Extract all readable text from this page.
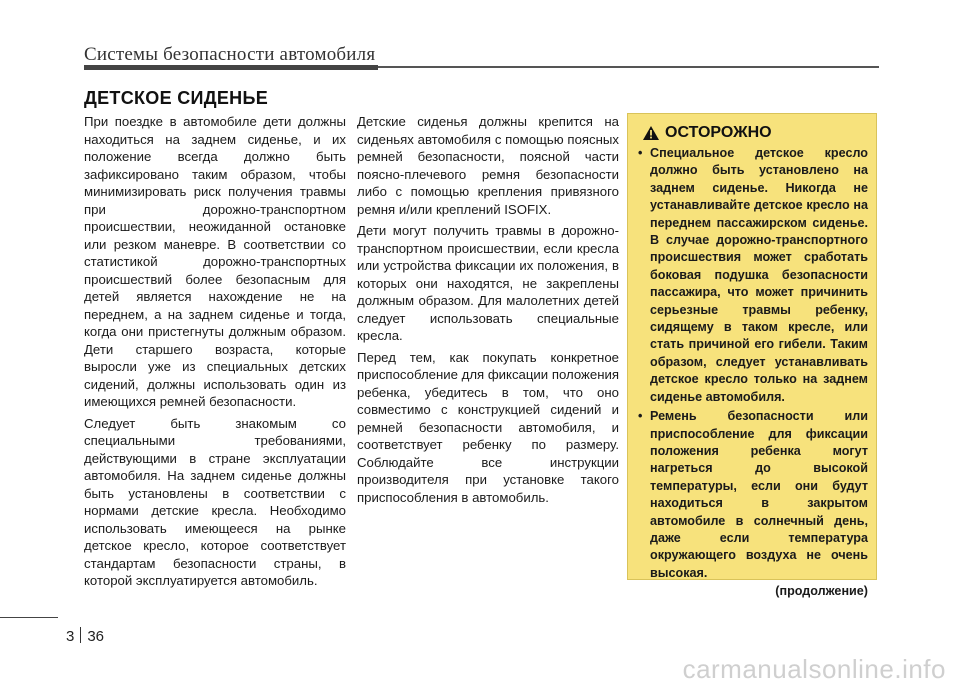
Системы безопасности автомобиля
ДЕТСКОЕ СИДЕНЬЕ

При поездке в автомобиле дети должны находиться на заднем сиденье, и их положение всегда должно быть зафиксировано таким образом, чтобы минимизировать риск получения травмы при дорожно-транспортном происшествии, неожиданной остановке или резком маневре. В соответствии со статистикой дорожно-транспортных происшествий более безопасным для детей является нахождение не на переднем, а на заднем сиденье и тогда, когда они пристегнуты должным образом. Дети старшего возраста, которые выросли уже из специальных детских сидений, должны использовать один из имеющихся ремней безопасности.

Следует быть знакомым со специальными требованиями, действующими в стране эксплуатации автомобиля. На заднем сиденье должны быть установлены в соответствии с нормами детские кресла. Необходимо использовать имеющееся на рынке детское кресло, которое соответствует стандартам безопасности страны, в которой эксплуатируется автомобиль.

Детские сиденья должны крепится на сиденьях автомобиля с помощью поясных ремней безопасности, поясной части поясно-плечевого ремня безопасности либо с помощью крепления привязного ремня и/или креплений ISOFIX.

Дети могут получить травмы в дорожно-транспортном происшествии, если кресла или устройства фиксации их положения, в которых они находятся, не закреплены должным образом. Для малолетних детей следует использовать специальные кресла.

Перед тем, как покупать конкретное приспособление для фиксации положения ребенка, убедитесь в том, что оно совместимо с конструкцией сидений и ремней безопасности автомобиля, и соответствует ребенку по размеру. Соблюдайте все инструкции производителя при установке такого приспособления в автомобиль.

ОСТОРОЖНО
• Специальное детское кресло должно быть установлено на заднем сиденье. Никогда не устанавливайте детское кресло на переднем пассажирском сиденье. В случае дорожно-транспортного происшествия может сработать боковая подушка безопасности пассажира, что может причинить серьезные травмы ребенку, сидящему в таком кресле, или стать причиной его гибели. Таким образом, следует устанавливать детское кресло только на заднем сиденье автомобиля.
• Ремень безопасности или приспособление для фиксации положения ребенка могут нагреться до высокой температуры, если они будут находиться в закрытом автомобиле в солнечный день, даже если температура окружающего воздуха не очень высокая.
(продолжение)
3 36
carmanualsonline.info
